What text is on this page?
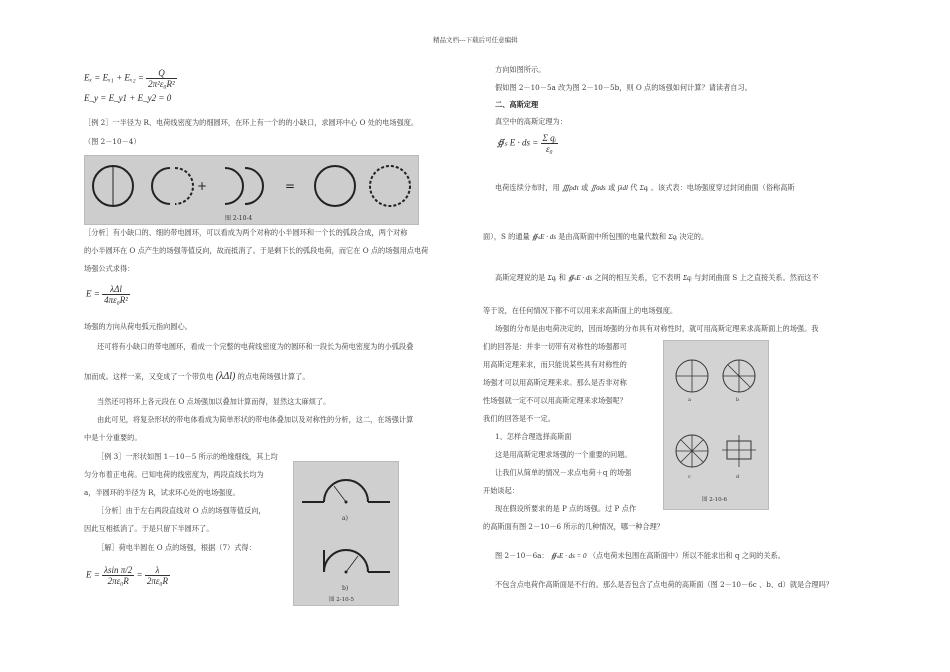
精品文档---下载后可任意编辑
$E_x = E_{x1} + E_{x2} = \frac{Q}{\text{2π²ε₀R²}}$
E_y = E_y1 + E_y2 = 0
［例 2］一半径为 R、电荷线密度为的细圆环，在环上有一个的的小缺口，求圆环中心 O 处的电场强度。
（图 2－10－4）
+	=
图 2-10-4
［分析］有小缺口的、细的带电圆环，可以看成为两个对称的小半圆环和一个长的弧段合成，两个对称
的小半圆环在 O 点产生的场强等值反向，故而抵消了。于是剩下长的弧段电荷，而它在 O 点的场强用点电荷
场强公式求得：
$E = \frac{\text{λΔl}}{\text{4πε₀R²}}$
场强的方向从荷电弧元指向圆心。
还可将有小缺口的带电圆环，看成一个完整的电荷线密度为的圆环和一段长为荷电密度为的小弧段叠
加而成。这样一来，又变成了一个带负电 (λΔl) 的点电荷场强计算了。
当然还可将环上各元段在 O 点场强加以叠加计算而得，显然这太麻烦了。
由此可见，将复杂形状的带电体看成为简单形状的带电体叠加以及对称性的分析，这二，在场强计算
中是十分重要的。
［例 3］一形状如图 1－10－5 所示的绝缘细线，其上均
匀分布着正电荷。已知电荷的线密度为，两段直线长均为
a，半圆环的半径为 R，试求环心处的电场强度。
［分析］由于左右两段直线对 O 点的场强等值反向，
因此互相抵消了。于是只留下半圆环了。
［解］荷电半圆在 O 点的场强，根据（7）式得：
$E = \frac{\text{λsin π/2}}{\text{2πε₀R}} = \frac{\lambda}{\text{2πε₀R}}$
a)
b)
图 2-10-5
方向如图所示。
假如图 2－10－5a 改为图 2－10－5b，则 O 点的场强如何计算？请读者自习。
二、高斯定理
真空中的高斯定理为：
∯ₛ E · ds = $\frac{\text{Σ qᵢ}}{\text{ε₀}}$
电荷连续分布时，用 ∭ρdτ 或 ∬σds 或 ∫λdl 代 Σqᵢ 。该式表：电场强度穿过封闭曲面（俗称高斯
面），S 的通量 ∯ₛE · ds 是由高斯面中所包围的电量代数和 Σqᵢ 决定的。
高斯定理说的是 Σqᵢ 和 ∯ₛE · ds 之间的相互关系，它不表明 Σqᵢ 与封闭曲面 S 上之直接关系。然而这不
等于说，在任何情况下都不可以用来求高斯面上的电场强度。
场强的分布是由电荷决定的，因而场强的分布具有对称性时，就可用高斯定理来求高斯面上的场强。我
们的回答是：并非一切带有对称性的场强都可
用高斯定理来求，而只能说某些具有对称性的
场强才可以用高斯定理来求。那么是否非对称
性场强就一定不可以用高斯定理来求场强呢？
我们的回答是不一定。
1、怎样合理选择高斯面
这是用高斯定理求场强的一个重要的问题。
让我们从简单的情况－求点电荷＋q 的场强
开始谈起：
现在假设所要求的是 P 点的场强。过 P 点作
的高斯面有图 2－10－6 所示的几种情况，哪一种合理？
图 2－10－6a： ∯ₛE · ds = 0 （点电荷未包围在高斯面中）所以不能求出和 q 之间的关系。
不包含点电荷作高斯面是不行的。那么是否包含了点电荷的高斯面（图 2－10－6c 、b、d）就是合理吗？
a	b
c	d
图 2-10-6
